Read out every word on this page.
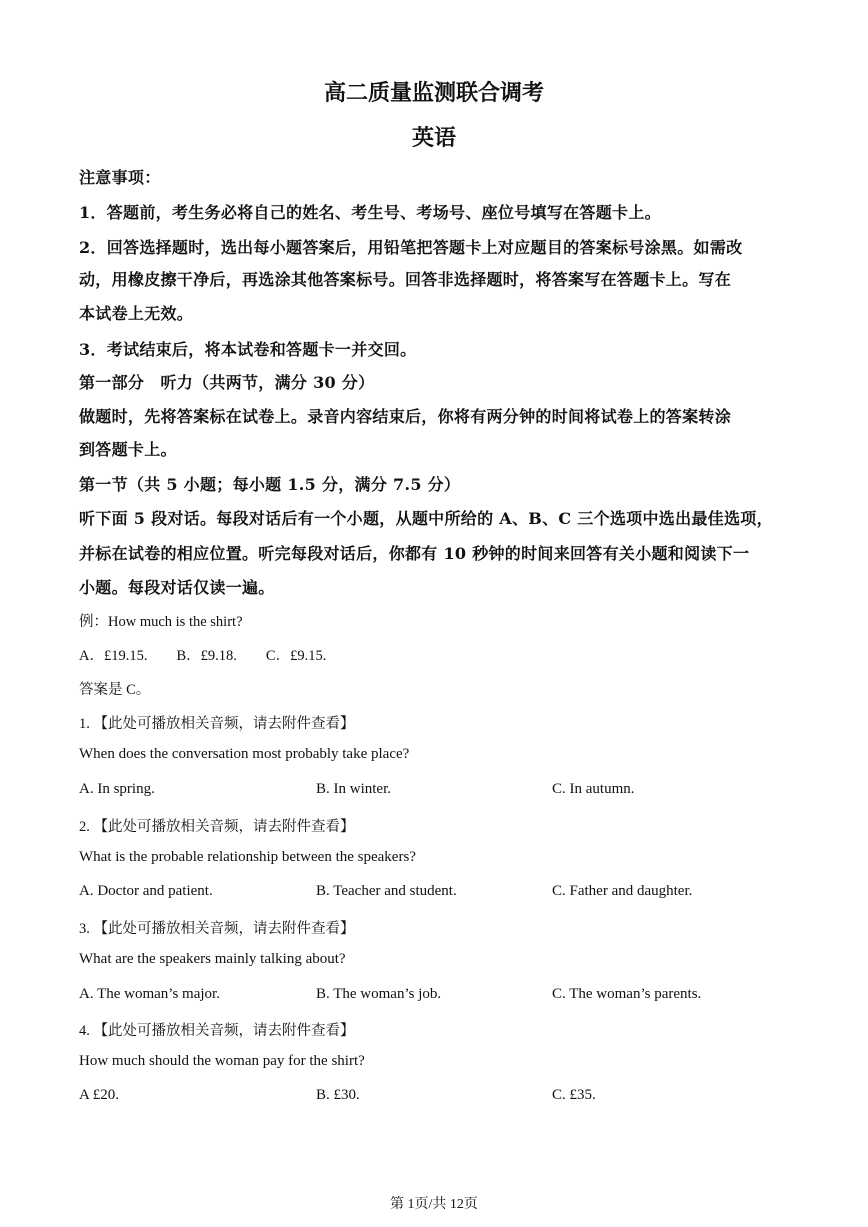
高二质量监测联合调考
英语
注意事项：
1．答题前，考生务必将自己的姓名、考生号、考场号、座位号填写在答题卡上。
2．回答选择题时，选出每小题答案后，用铅笔把答题卡上对应题目的答案标号涂黑。如需改
动，用橡皮擦干净后，再选涂其他答案标号。回答非选择题时，将答案写在答题卡上。写在
本试卷上无效。
3．考试结束后，将本试卷和答题卡一并交回。
第一部分　听力（共两节，满分 30 分）
做题时，先将答案标在试卷上。录音内容结束后，你将有两分钟的时间将试卷上的答案转涂
到答题卡上。
第一节（共 5 小题；每小题 1.5 分，满分 7.5 分）
听下面 5 段对话。每段对话后有一个小题，从题中所给的 A、B、C 三个选项中选出最佳选项，
并标在试卷的相应位置。听完每段对话后，你都有 10 秒钟的时间来回答有关小题和阅读下一
小题。每段对话仅读一遍。
例：How much is the shirt?
A．£19.15.　　B．£9.18.　　C．£9.15.
答案是 C。
1. 【此处可播放相关音频，请去附件查看】
When does the conversation most probably take place?
A. In spring.	B. In winter.	C. In autumn.
2. 【此处可播放相关音频，请去附件查看】
What is the probable relationship between the speakers?
A. Doctor and patient.	B. Teacher and student.	C. Father and daughter.
3. 【此处可播放相关音频，请去附件查看】
What are the speakers mainly talking about?
A. The woman’s major.	B. The woman’s job.	C. The woman’s parents.
4. 【此处可播放相关音频，请去附件查看】
How much should the woman pay for the shirt?
A £20.	B. £30.	C. £35.
第 1页/共 12页
